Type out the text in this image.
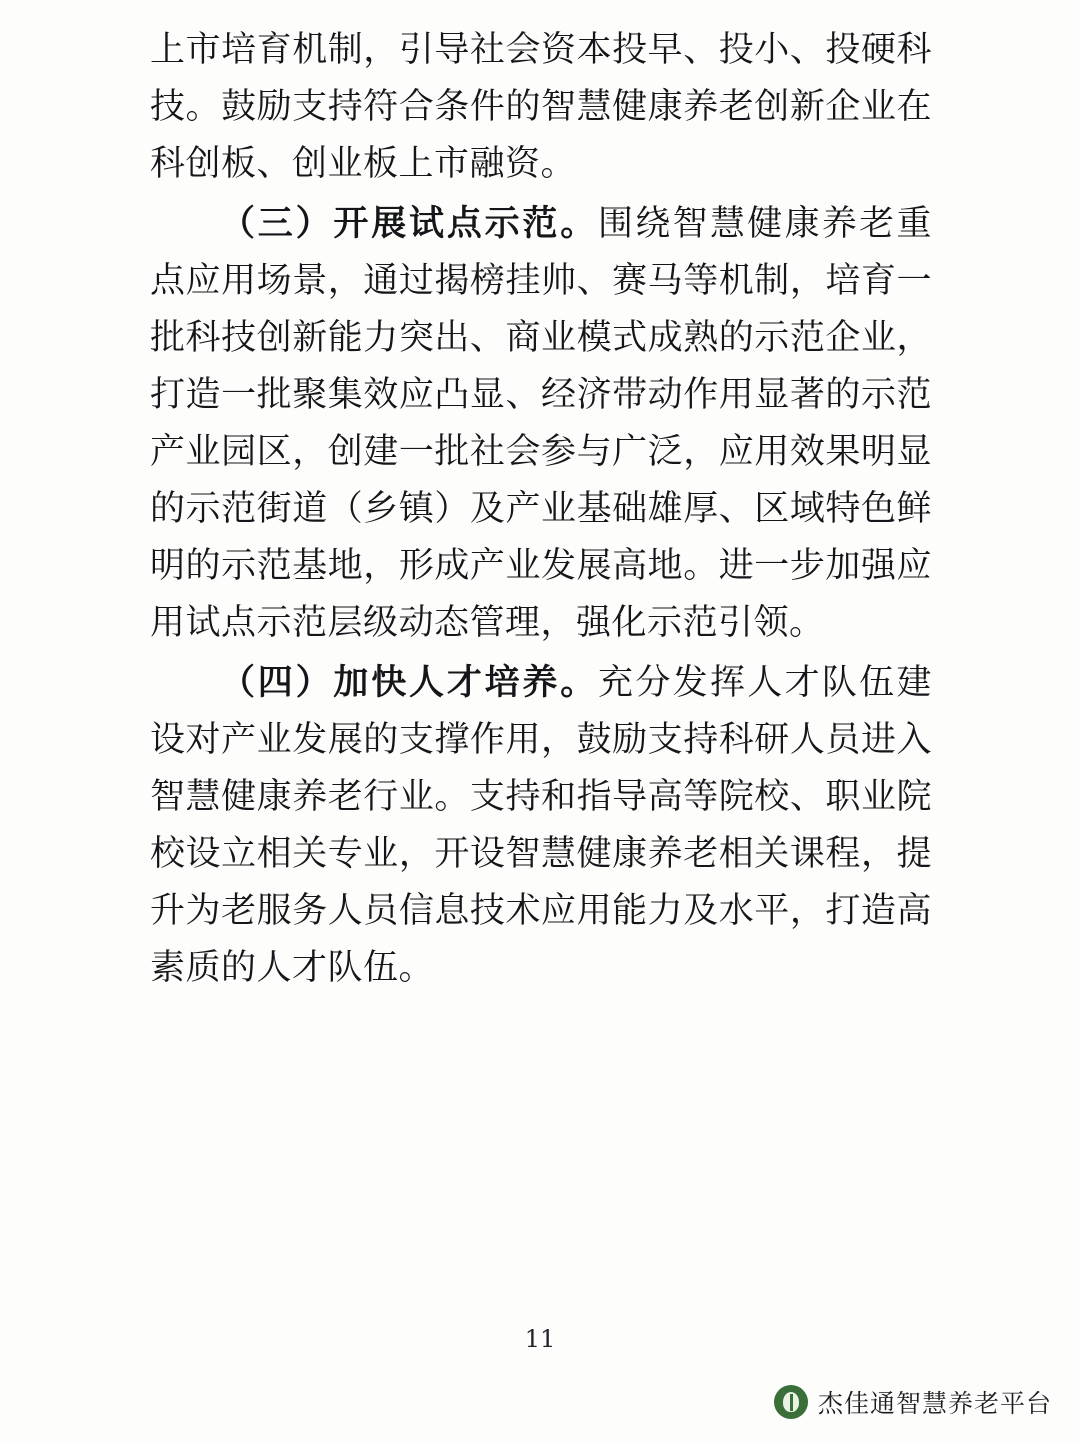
上市培育机制，引导社会资本投早、投小、投硬科技。鼓励支持符合条件的智慧健康养老创新企业在科创板、创业板上市融资。

（三）开展试点示范。围绕智慧健康养老重点应用场景，通过揭榜挂帅、赛马等机制，培育一批科技创新能力突出、商业模式成熟的示范企业，打造一批聚集效应凸显、经济带动作用显著的示范产业园区，创建一批社会参与广泛，应用效果明显的示范街道（乡镇）及产业基础雄厚、区域特色鲜明的示范基地，形成产业发展高地。进一步加强应用试点示范层级动态管理，强化示范引领。

（四）加快人才培养。充分发挥人才队伍建设对产业发展的支撑作用，鼓励支持科研人员进入智慧健康养老行业。支持和指导高等院校、职业院校设立相关专业，开设智慧健康养老相关课程，提升为老服务人员信息技术应用能力及水平，打造高素质的人才队伍。

11
杰佳通智慧养老平台
